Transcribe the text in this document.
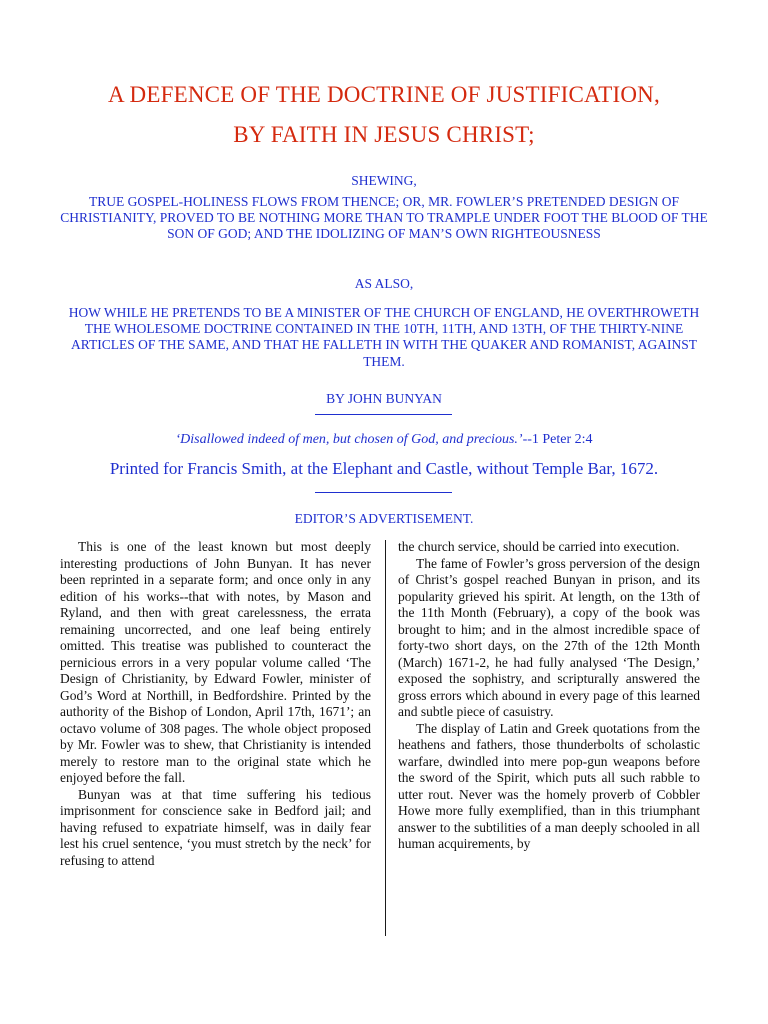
A DEFENCE OF THE DOCTRINE OF JUSTIFICATION,
BY FAITH IN JESUS CHRIST;
SHEWING,
TRUE GOSPEL-HOLINESS FLOWS FROM THENCE; OR, MR. FOWLER’S PRETENDED DESIGN OF CHRISTIANITY, PROVED TO BE NOTHING MORE THAN TO TRAMPLE UNDER FOOT THE BLOOD OF THE SON OF GOD; AND THE IDOLIZING OF MAN’S OWN RIGHTEOUSNESS
AS ALSO,
HOW WHILE HE PRETENDS TO BE A MINISTER OF THE CHURCH OF ENGLAND, HE OVERTHROWETH THE WHOLESOME DOCTRINE CONTAINED IN THE 10TH, 11TH, AND 13TH, OF THE THIRTY-NINE ARTICLES OF THE SAME, AND THAT HE FALLETH IN WITH THE QUAKER AND ROMANIST, AGAINST THEM.
BY JOHN BUNYAN
‘Disallowed indeed of men, but chosen of God, and precious.’--1 Peter 2:4
Printed for Francis Smith, at the Elephant and Castle, without Temple Bar, 1672.
EDITOR’S ADVERTISEMENT.

This is one of the least known but most deeply interesting productions of John Bunyan. It has never been reprinted in a separate form; and once only in any edition of his works--that with notes, by Mason and Ryland, and then with great carelessness, the errata remaining uncorrected, and one leaf being entirely omitted. This treatise was published to counteract the pernicious errors in a very popular volume called ‘The Design of Christianity, by Edward Fowler, minister of God’s Word at Northill, in Bedfordshire. Printed by the authority of the Bishop of London, April 17th, 1671’; an octavo volume of 308 pages. The whole object proposed by Mr. Fowler was to shew, that Christianity is intended merely to restore man to the original state which he enjoyed before the fall.

Bunyan was at that time suffering his tedious imprisonment for conscience sake in Bedford jail; and having refused to expatriate himself, was in daily fear lest his cruel sentence, ‘you must stretch by the neck’ for refusing to attend

the church service, should be carried into execution.

The fame of Fowler’s gross perversion of the design of Christ’s gospel reached Bunyan in prison, and its popularity grieved his spirit. At length, on the 13th of the 11th Month (February), a copy of the book was brought to him; and in the almost incredible space of forty-two short days, on the 27th of the 12th Month (March) 1671-2, he had fully analysed ‘The Design,’ exposed the sophistry, and scripturally answered the gross errors which abound in every page of this learned and subtle piece of casuistry.

The display of Latin and Greek quotations from the heathens and fathers, those thunderbolts of scholastic warfare, dwindled into mere pop-gun weapons before the sword of the Spirit, which puts all such rabble to utter rout. Never was the homely proverb of Cobbler Howe more fully exemplified, than in this triumphant answer to the subtilities of a man deeply schooled in all human acquirements, by
